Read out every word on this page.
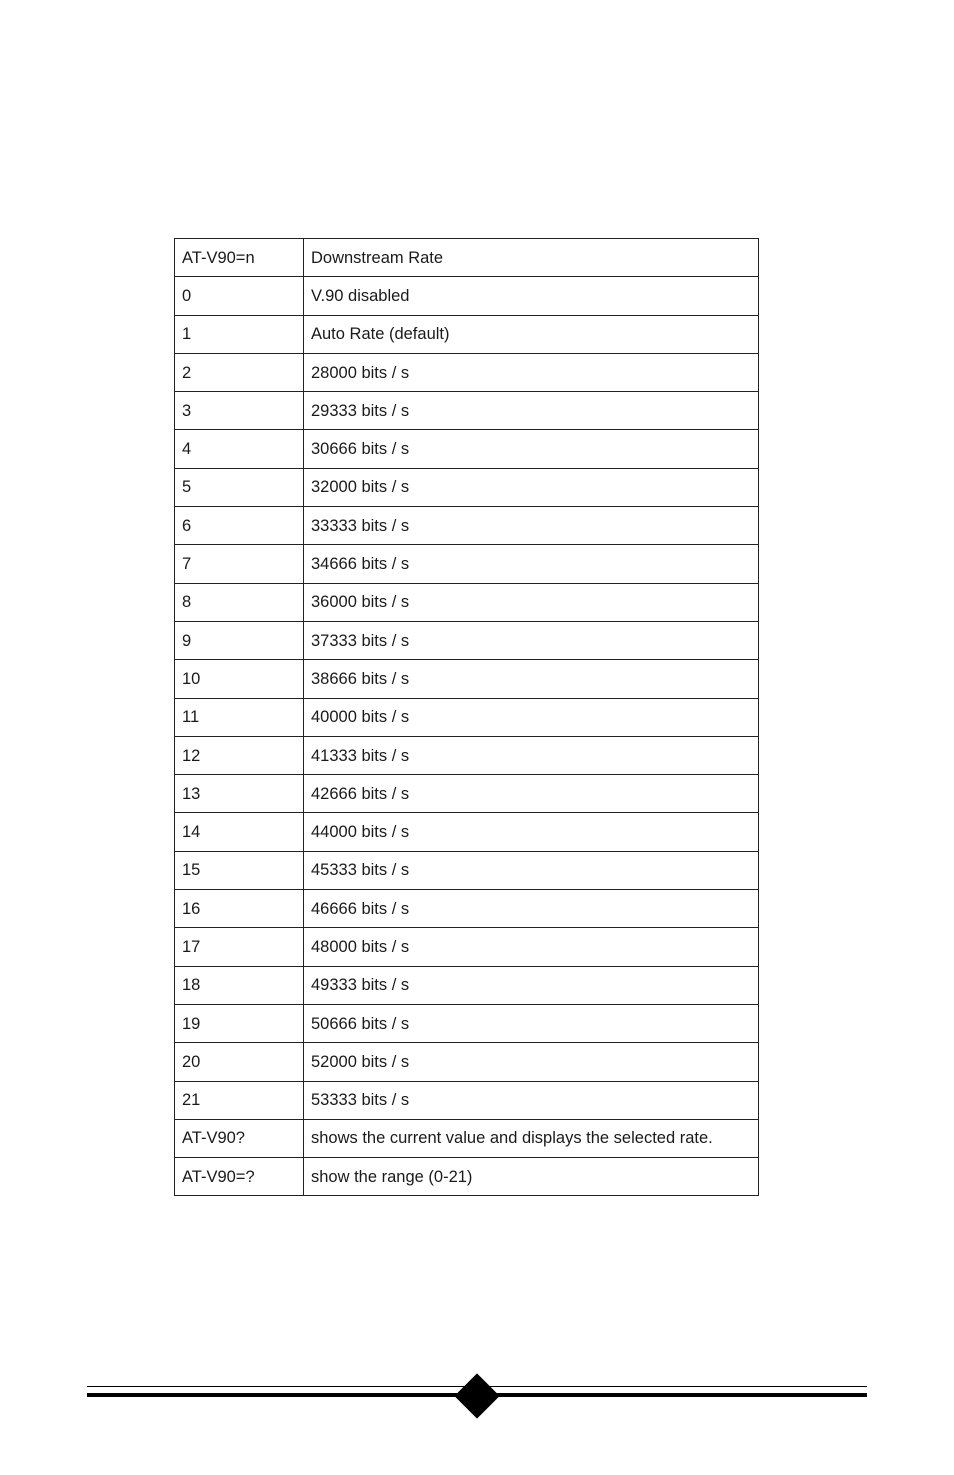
AT-V90=n	Downstream Rate
0	V.90 disabled
1	Auto Rate (default)
2	28000 bits / s
3	29333 bits / s
4	30666 bits / s
5	32000 bits / s
6	33333 bits / s
7	34666 bits / s
8	36000 bits / s
9	37333 bits / s
10	38666 bits / s
11	40000 bits / s
12	41333 bits / s
13	42666 bits / s
14	44000 bits / s
15	45333 bits / s
16	46666 bits / s
17	48000 bits / s
18	49333 bits / s
19	50666 bits / s
20	52000 bits / s
21	53333 bits / s
AT-V90?	shows the current value and displays the selected rate.
AT-V90=?	show the range (0-21)
